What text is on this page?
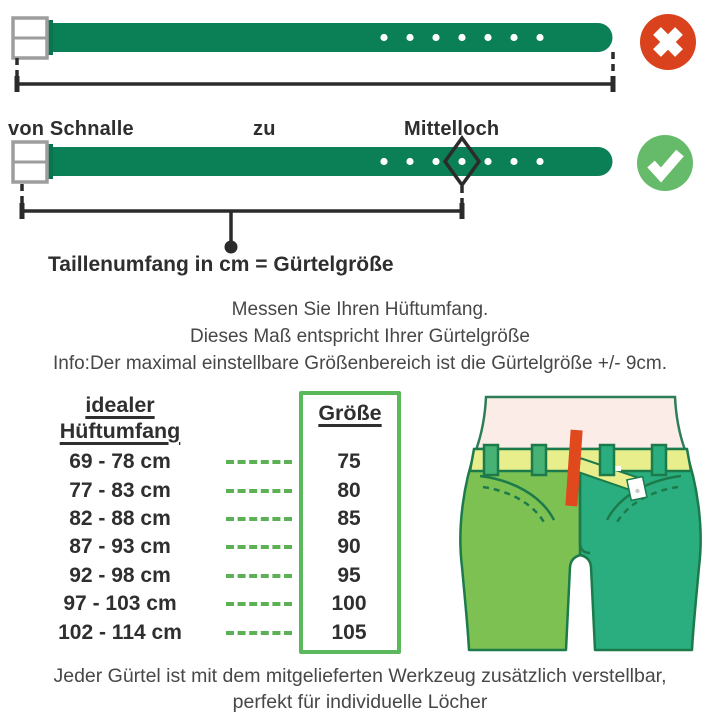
von Schnalle	zu	Mittelloch
Taillenumfang in cm = Gürtelgröße
Messen Sie Ihren Hüftumfang.
Dieses Maß entspricht Ihrer Gürtelgröße
Info:Der maximal einstellbare Größenbereich ist die Gürtelgröße +/- 9cm.
idealer
Hüftumfang
Größe
69 - 78 cm	75
77 - 83 cm	80
82 - 88 cm	85
87 - 93 cm	90
92 - 98 cm	95
97 - 103 cm	100
102 - 114 cm	105
Jeder Gürtel ist mit dem mitgelieferten Werkzeug zusätzlich verstellbar,
perfekt für individuelle Löcher
